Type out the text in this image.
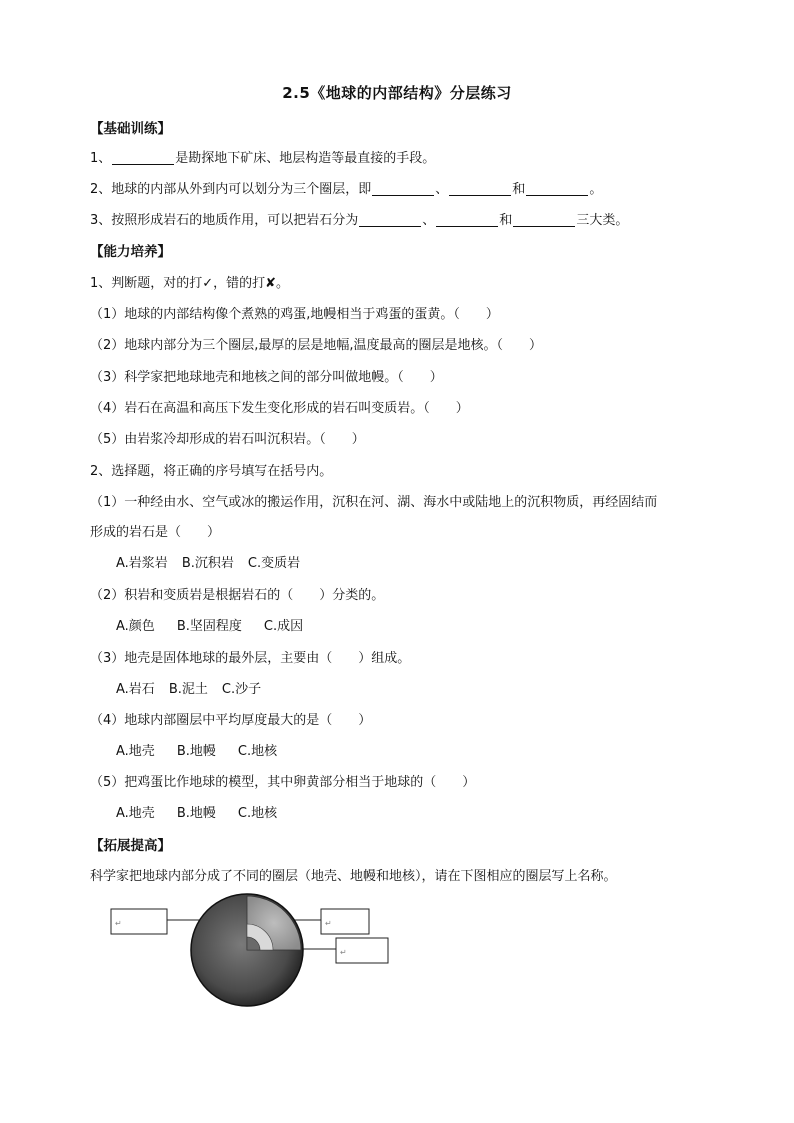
2.5《地球的内部结构》分层练习
【基础训练】
1、	是勘探地下矿床、地层构造等最直接的手段。
2、地球的内部从外到内可以划分为三个圈层，即	、	和	。
3、按照形成岩石的地质作用，可以把岩石分为	、	和	三大类。
【能力培养】
1、判断题，对的打✓，错的打✘。
（1）地球的内部结构像个煮熟的鸡蛋,地幔相当于鸡蛋的蛋黄。（　　）
（2）地球内部分为三个圈层,最厚的层是地幅,温度最高的圈层是地核。（　　）
（3）科学家把地球地壳和地核之间的部分叫做地幔。（　　）
（4）岩石在高温和高压下发生变化形成的岩石叫变质岩。（　　）
（5）由岩浆冷却形成的岩石叫沉积岩。（　　）
2、选择题，将正确的序号填写在括号内。
（1）一种经由水、空气或冰的搬运作用，沉积在河、湖、海水中或陆地上的沉积物质，再经固结而
形成的岩石是（　　）
A.岩浆岩 B.沉积岩 C.变质岩
（2）积岩和变质岩是根据岩石的（　　）分类的。
A.颜色 B.坚固程度 C.成因
（3）地壳是固体地球的最外层，主要由（　　）组成。
A.岩石 B.泥土 C.沙子
（4）地球内部圈层中平均厚度最大的是（　　）
A.地壳 B.地幔 C.地核
（5）把鸡蛋比作地球的模型，其中卵黄部分相当于地球的（　　）
A.地壳 B.地幔 C.地核
【拓展提高】
科学家把地球内部分成了不同的圈层（地壳、地幔和地核），请在下图相应的圈层写上名称。
↵	↵
↵
